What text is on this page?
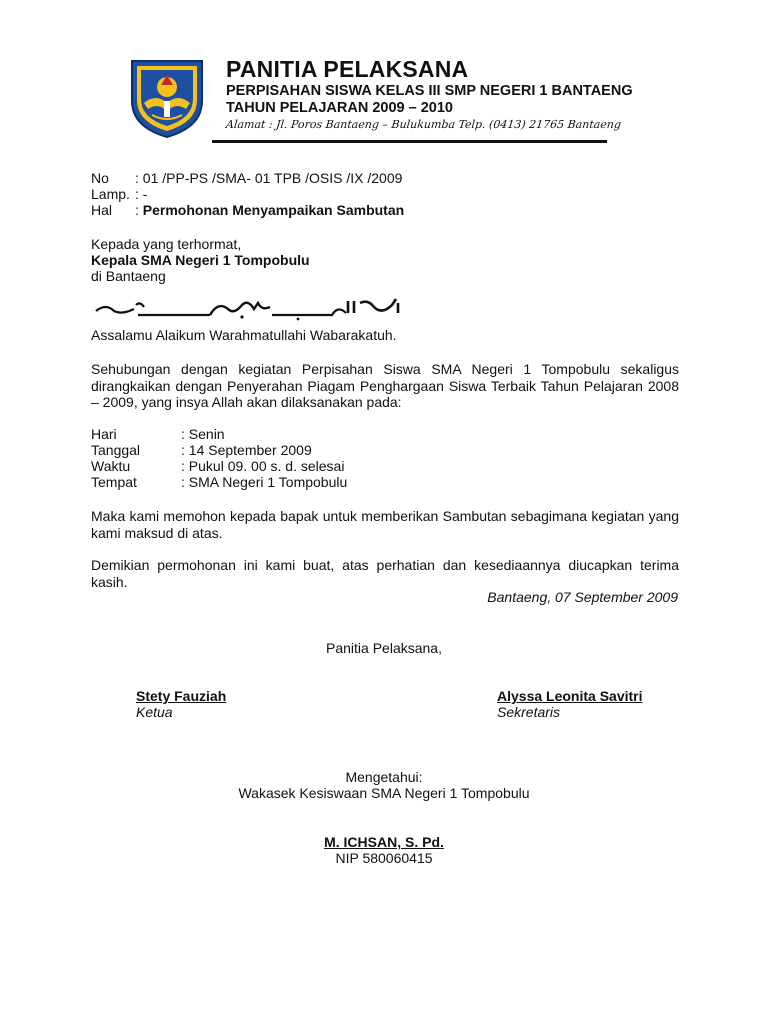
PANITIA PELAKSANA
PERPISAHAN SISWA KELAS III SMP NEGERI 1 BANTAENG
TAHUN PELAJARAN 2009 – 2010
Alamat : Jl. Poros Bantaeng – Bulukumba Telp. (0413) 21765 Bantaeng
No : 01 /PP-PS /SMA- 01 TPB /OSIS /IX /2009
Lamp. : -
Hal : Permohonan Menyampaikan Sambutan
Kepada yang terhormat,
Kepala SMA Negeri 1 Tompobulu
di Bantaeng
Assalamu Alaikum Warahmatullahi Wabarakatuh.
Sehubungan dengan kegiatan Perpisahan Siswa SMA Negeri 1 Tompobulu sekaligus dirangkaikan dengan Penyerahan Piagam Penghargaan Siswa Terbaik Tahun Pelajaran 2008 – 2009, yang insya Allah akan dilaksanakan pada:
Hari	: Senin
Tanggal	: 14 September 2009
Waktu	: Pukul 09. 00 s. d. selesai
Tempat	: SMA Negeri 1 Tompobulu
Maka kami memohon kepada bapak untuk memberikan Sambutan sebagimana kegiatan yang kami maksud di atas.
Demikian permohonan ini kami buat, atas perhatian dan kesediaannya diucapkan terima kasih.
Bantaeng, 07 September 2009
Panitia Pelaksana,
Stety Fauziah
Ketua
Alyssa Leonita Savitri
Sekretaris
Mengetahui:
Wakasek Kesiswaan SMA Negeri 1 Tompobulu
M. ICHSAN, S. Pd.
NIP 580060415
